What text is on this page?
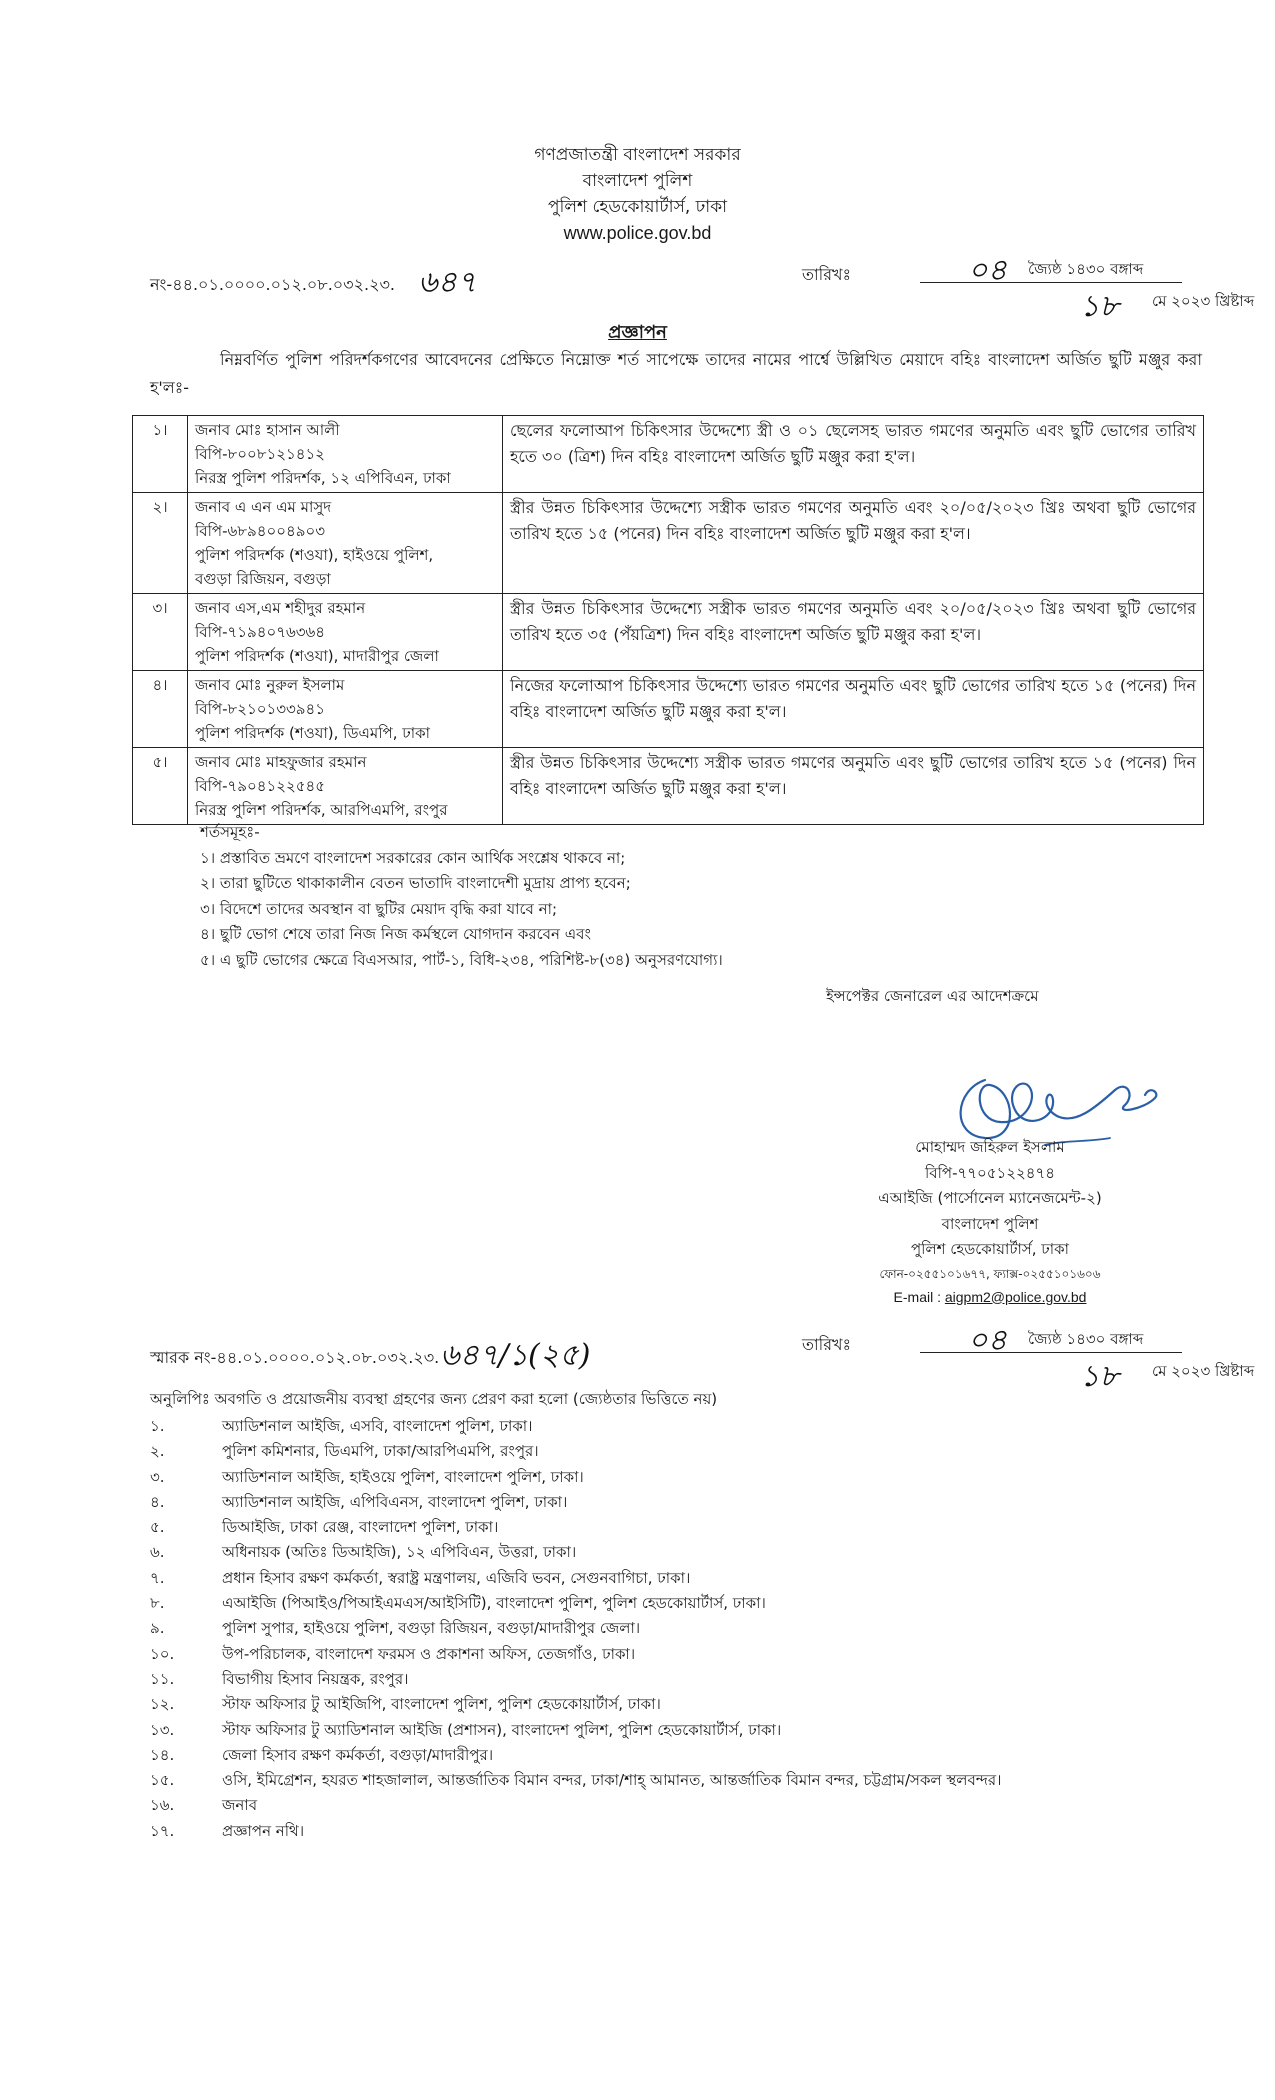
গণপ্রজাতন্ত্রী বাংলাদেশ সরকার
বাংলাদেশ পুলিশ
পুলিশ হেডকোয়ার্টার্স, ঢাকা
www.police.gov.bd
নং-৪৪.০১.০০০০.০১২.০৮.০৩২.২৩. ৬৪৭	তারিখঃ	০৪ জ্যৈষ্ঠ ১৪৩০ বঙ্গাব্দ
১৮ মে ২০২৩ খ্রিষ্টাব্দ
প্রজ্ঞাপন
নিম্নবর্ণিত পুলিশ পরিদর্শকগণের আবেদনের প্রেক্ষিতে নিম্নোক্ত শর্ত সাপেক্ষে তাদের নামের পার্শ্বে উল্লিখিত মেয়াদে বহিঃ বাংলাদেশ অর্জিত ছুটি মঞ্জুর করা হ'লঃ-
১।	জনাব মোঃ হাসান আলী
বিপি-৮০০৮১২১৪১২
নিরস্ত্র পুলিশ পরিদর্শক, ১২ এপিবিএন, ঢাকা	ছেলের ফলোআপ চিকিৎসার উদ্দেশ্যে স্ত্রী ও ০১ ছেলেসহ ভারত গমণের অনুমতি এবং ছুটি ভোগের তারিখ হতে ৩০ (ত্রিশ) দিন বহিঃ বাংলাদেশ অর্জিত ছুটি মঞ্জুর করা হ'ল।
২।	জনাব এ এন এম মাসুদ
বিপি-৬৮৯৪০০৪৯০৩
পুলিশ পরিদর্শক (শওযা), হাইওয়ে পুলিশ,
বগুড়া রিজিয়ন, বগুড়া	স্ত্রীর উন্নত চিকিৎসার উদ্দেশ্যে সস্ত্রীক ভারত গমণের অনুমতি এবং ২০/০৫/২০২৩ খ্রিঃ অথবা ছুটি ভোগের তারিখ হতে ১৫ (পনের) দিন বহিঃ বাংলাদেশ অর্জিত ছুটি মঞ্জুর করা হ'ল।
৩।	জনাব এস,এম শহীদুর রহমান
বিপি-৭১৯৪০৭৬৩৬৪
পুলিশ পরিদর্শক (শওযা), মাদারীপুর জেলা	স্ত্রীর উন্নত চিকিৎসার উদ্দেশ্যে সস্ত্রীক ভারত গমণের অনুমতি এবং ২০/০৫/২০২৩ খ্রিঃ অথবা ছুটি ভোগের তারিখ হতে ৩৫ (পঁয়ত্রিশ) দিন বহিঃ বাংলাদেশ অর্জিত ছুটি মঞ্জুর করা হ'ল।
৪।	জনাব মোঃ নুরুল ইসলাম
বিপি-৮২১০১৩৩৯৪১
পুলিশ পরিদর্শক (শওযা), ডিএমপি, ঢাকা	নিজের ফলোআপ চিকিৎসার উদ্দেশ্যে ভারত গমণের অনুমতি এবং ছুটি ভোগের তারিখ হতে ১৫ (পনের) দিন বহিঃ বাংলাদেশ অর্জিত ছুটি মঞ্জুর করা হ'ল।
৫।	জনাব মোঃ মাহফুজার রহমান
বিপি-৭৯০৪১২২৫৪৫
নিরস্ত্র পুলিশ পরিদর্শক, আরপিএমপি, রংপুর	স্ত্রীর উন্নত চিকিৎসার উদ্দেশ্যে সস্ত্রীক ভারত গমণের অনুমতি এবং ছুটি ভোগের তারিখ হতে ১৫ (পনের) দিন বহিঃ বাংলাদেশ অর্জিত ছুটি মঞ্জুর করা হ'ল।
শর্তসমূহঃ-
১। প্রস্তাবিত ভ্রমণে বাংলাদেশ সরকারের কোন আর্থিক সংশ্লেষ থাকবে না;
২। তারা ছুটিতে থাকাকালীন বেতন ভাতাদি বাংলাদেশী মুদ্রায় প্রাপ্য হবেন;
৩। বিদেশে তাদের অবস্থান বা ছুটির মেয়াদ বৃদ্ধি করা যাবে না;
৪। ছুটি ভোগ শেষে তারা নিজ নিজ কর্মস্থলে যোগদান করবেন এবং
৫। এ ছুটি ভোগের ক্ষেত্রে বিএসআর, পার্ট-১, বিধি-২৩৪, পরিশিষ্ট-৮(৩৪) অনুসরণযোগ্য।
ইন্সপেক্টর জেনারেল এর আদেশক্রমে
মোহাম্মদ জহিরুল ইসলাম
বিপি-৭৭০৫১২২৪৭৪
এআইজি (পার্সোনেল ম্যানেজমেন্ট-২)
বাংলাদেশ পুলিশ
পুলিশ হেডকোয়ার্টার্স, ঢাকা
ফোন-০২৫৫১০১৬৭৭, ফ্যাক্স-০২৫৫১০১৬০৬
E-mail : aigpm2@police.gov.bd
স্মারক নং-৪৪.০১.০০০০.০১২.০৮.০৩২.২৩. ৬৪৭/১(২৫)	তারিখঃ	০৪ জ্যৈষ্ঠ ১৪৩০ বঙ্গাব্দ
১৮ মে ২০২৩ খ্রিষ্টাব্দ
অনুলিপিঃ অবগতি ও প্রয়োজনীয় ব্যবস্থা গ্রহণের জন্য প্রেরণ করা হলো (জ্যেষ্ঠতার ভিত্তিতে নয়)
১.	অ্যাডিশনাল আইজি, এসবি, বাংলাদেশ পুলিশ, ঢাকা।
২.	পুলিশ কমিশনার, ডিএমপি, ঢাকা/আরপিএমপি, রংপুর।
৩.	অ্যাডিশনাল আইজি, হাইওয়ে পুলিশ, বাংলাদেশ পুলিশ, ঢাকা।
৪.	অ্যাডিশনাল আইজি, এপিবিএনস, বাংলাদেশ পুলিশ, ঢাকা।
৫.	ডিআইজি, ঢাকা রেঞ্জ, বাংলাদেশ পুলিশ, ঢাকা।
৬.	অধিনায়ক (অতিঃ ডিআইজি), ১২ এপিবিএন, উত্তরা, ঢাকা।
৭.	প্রধান হিসাব রক্ষণ কর্মকর্তা, স্বরাষ্ট্র মন্ত্রণালয়, এজিবি ভবন, সেগুনবাগিচা, ঢাকা।
৮.	এআইজি (পিআইও/পিআইএমএস/আইসিটি), বাংলাদেশ পুলিশ, পুলিশ হেডকোয়ার্টার্স, ঢাকা।
৯.	পুলিশ সুপার, হাইওয়ে পুলিশ, বগুড়া রিজিয়ন, বগুড়া/মাদারীপুর জেলা।
১০.	উপ-পরিচালক, বাংলাদেশ ফরমস ও প্রকাশনা অফিস, তেজগাঁও, ঢাকা।
১১.	বিভাগীয় হিসাব নিয়ন্ত্রক, রংপুর।
১২.	স্টাফ অফিসার টু আইজিপি, বাংলাদেশ পুলিশ, পুলিশ হেডকোয়ার্টার্স, ঢাকা।
১৩.	স্টাফ অফিসার টু অ্যাডিশনাল আইজি (প্রশাসন), বাংলাদেশ পুলিশ, পুলিশ হেডকোয়ার্টার্স, ঢাকা।
১৪.	জেলা হিসাব রক্ষণ কর্মকর্তা, বগুড়া/মাদারীপুর।
১৫.	ওসি, ইমিগ্রেশন, হযরত শাহজালাল, আন্তর্জাতিক বিমান বন্দর, ঢাকা/শাহ্‌ আমানত, আন্তর্জাতিক বিমান বন্দর, চট্টগ্রাম/সকল স্থলবন্দর।
১৬.	জনাব
১৭.	প্রজ্ঞাপন নথি।
